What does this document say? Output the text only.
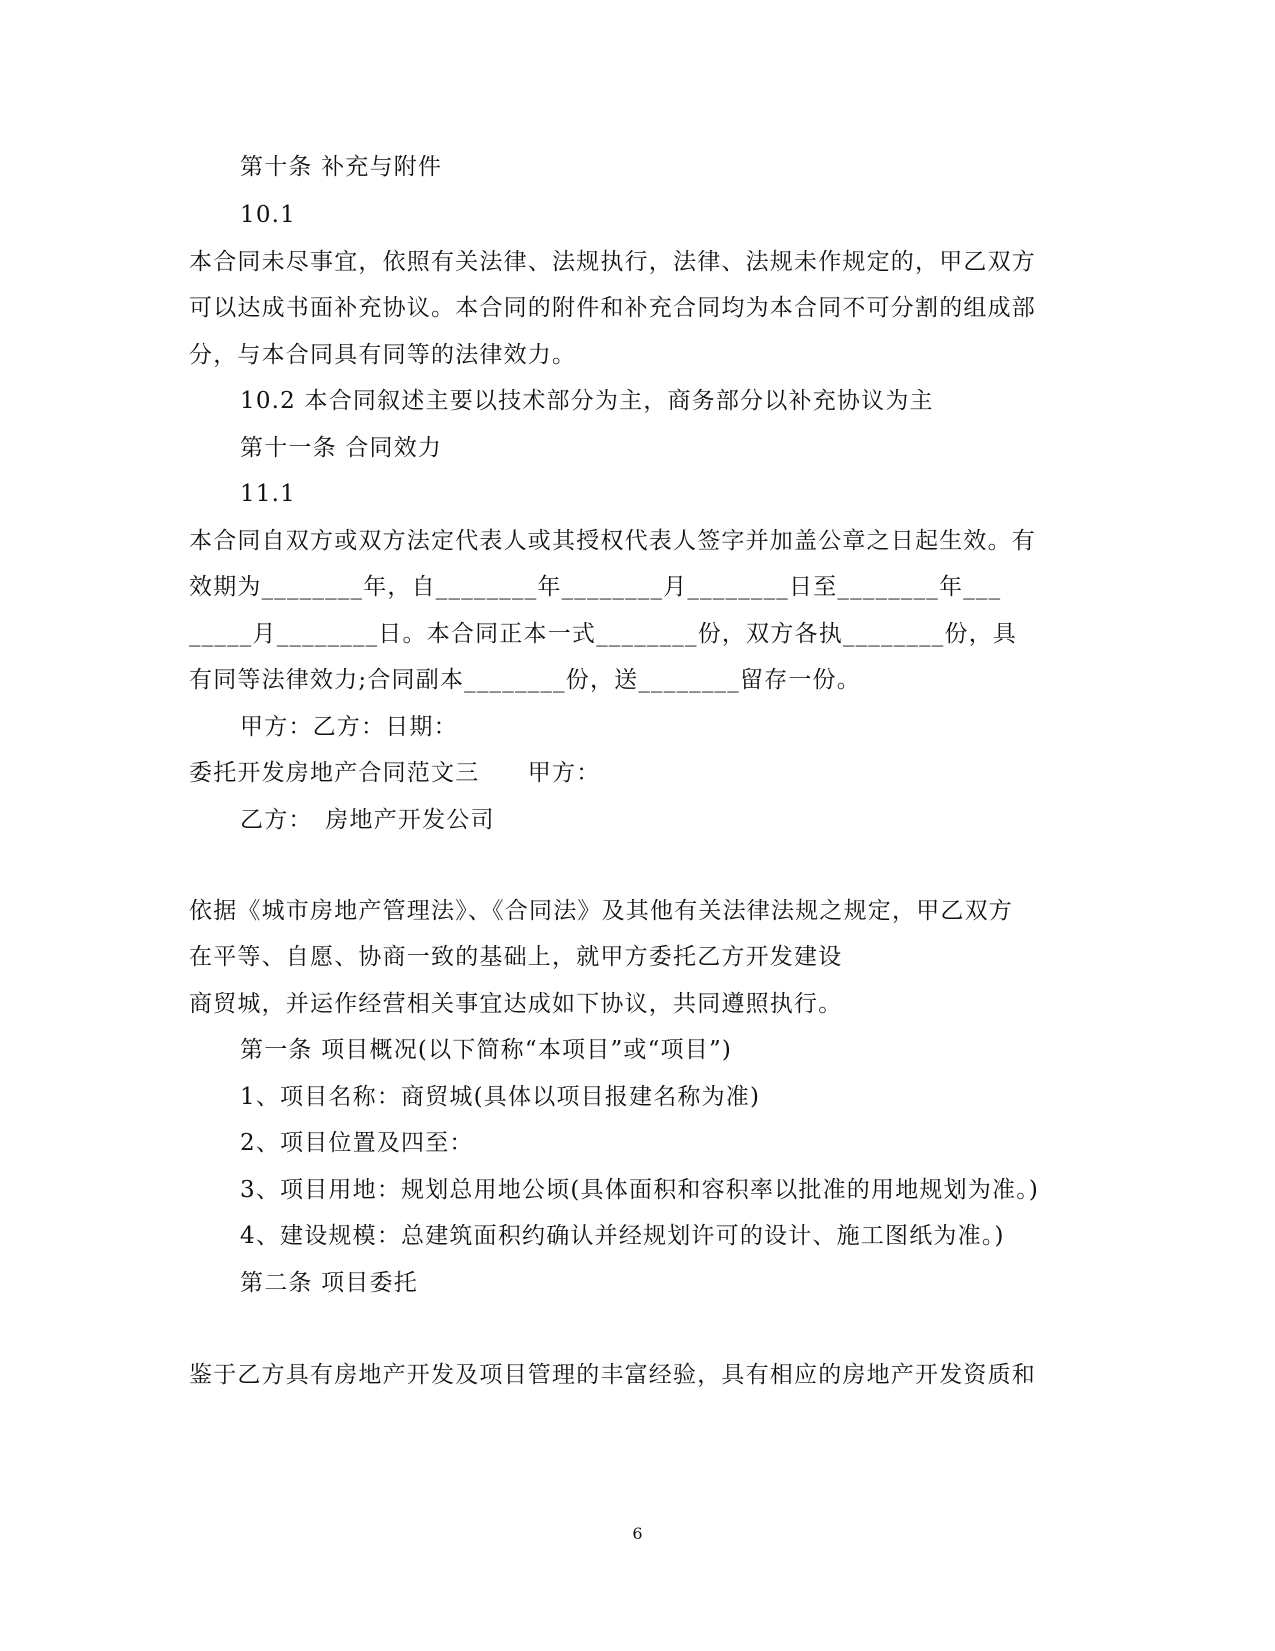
第十条 补充与附件
10.1
本合同未尽事宜，依照有关法律、法规执行，法律、法规未作规定的，甲乙双方
可以达成书面补充协议。本合同的附件和补充合同均为本合同不可分割的组成部
分，与本合同具有同等的法律效力。
10.2 本合同叙述主要以技术部分为主，商务部分以补充协议为主
第十一条 合同效力
11.1
本合同自双方或双方法定代表人或其授权代表人签字并加盖公章之日起生效。有
效期为________年，自________年________月________日至________年___
_____月________日。本合同正本一式________份，双方各执________份，具
有同等法律效力;合同副本________份，送________留存一份。
甲方：乙方：日期：
委托开发房地产合同范文三　　甲方：
乙方：　房地产开发公司
依据《城市房地产管理法》、《合同法》及其他有关法律法规之规定，甲乙双方
在平等、自愿、协商一致的基础上，就甲方委托乙方开发建设
商贸城，并运作经营相关事宜达成如下协议，共同遵照执行。
第一条 项目概况(以下简称“本项目”或“项目”)
1、项目名称：商贸城(具体以项目报建名称为准)
2、项目位置及四至：
3、项目用地：规划总用地公顷(具体面积和容积率以批准的用地规划为准。)
4、建设规模：总建筑面积约确认并经规划许可的设计、施工图纸为准。)
第二条 项目委托
鉴于乙方具有房地产开发及项目管理的丰富经验，具有相应的房地产开发资质和
6
